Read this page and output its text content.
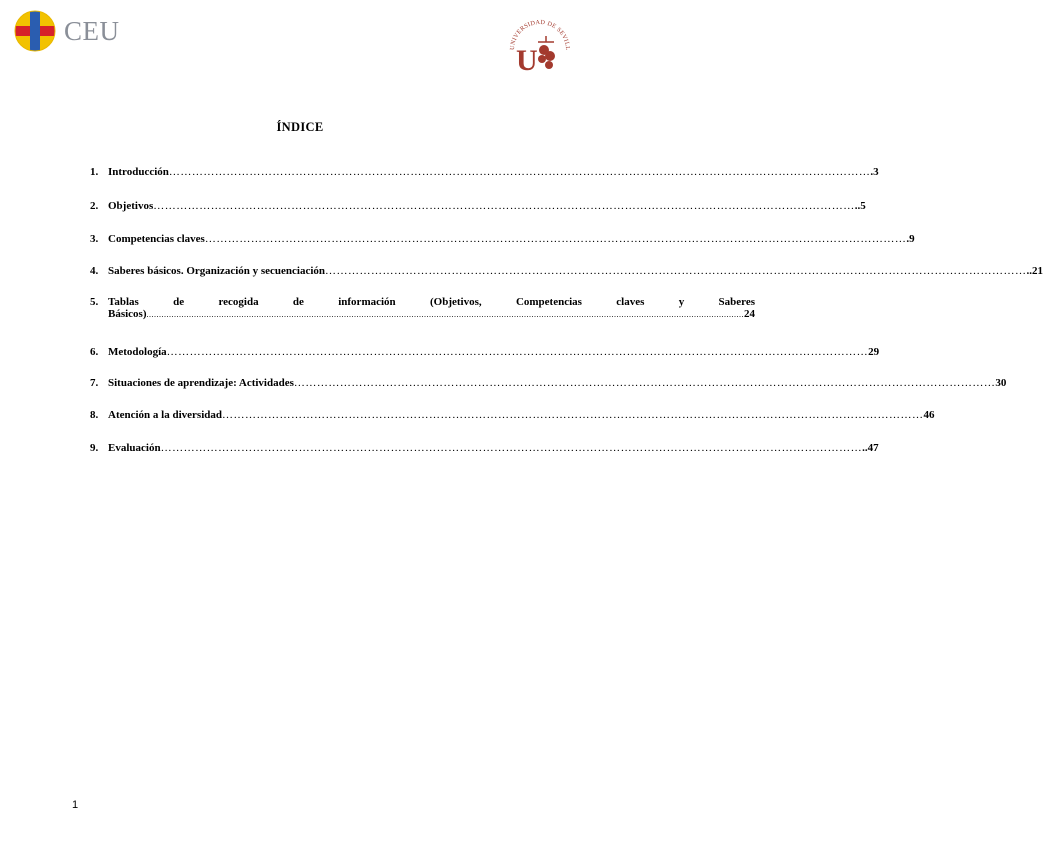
CEU
UNIVERSIDAD DE SEVIL
U
ÍNDICE
1. Introducción …………………………………………………………………………………………………………………………………………………………………	.3
2. Objetivos …………………………………………………………………………………………………………………………………………………………………	..5
3. Competencias claves …………………………………………………………………………………………………………………………………………………………………	.9
4. Saberes básicos. Organización y secuenciación …………………………………………………………………………………………………………………………………………………………………	..21
5. Tablas de recogida de información (Objetivos, Competencias claves y Saberes
Básicos) .....	24
6. Metodología …………………………………………………………………………………………………………………………………………………………………	29
7. Situaciones de aprendizaje: Actividades …………………………………………………………………………………………………………………………………………………………………	30
8. Atención a la diversidad …………………………………………………………………………………………………………………………………………………………………	46
9. Evaluación …………………………………………………………………………………………………………………………………………………………………	..47
1
